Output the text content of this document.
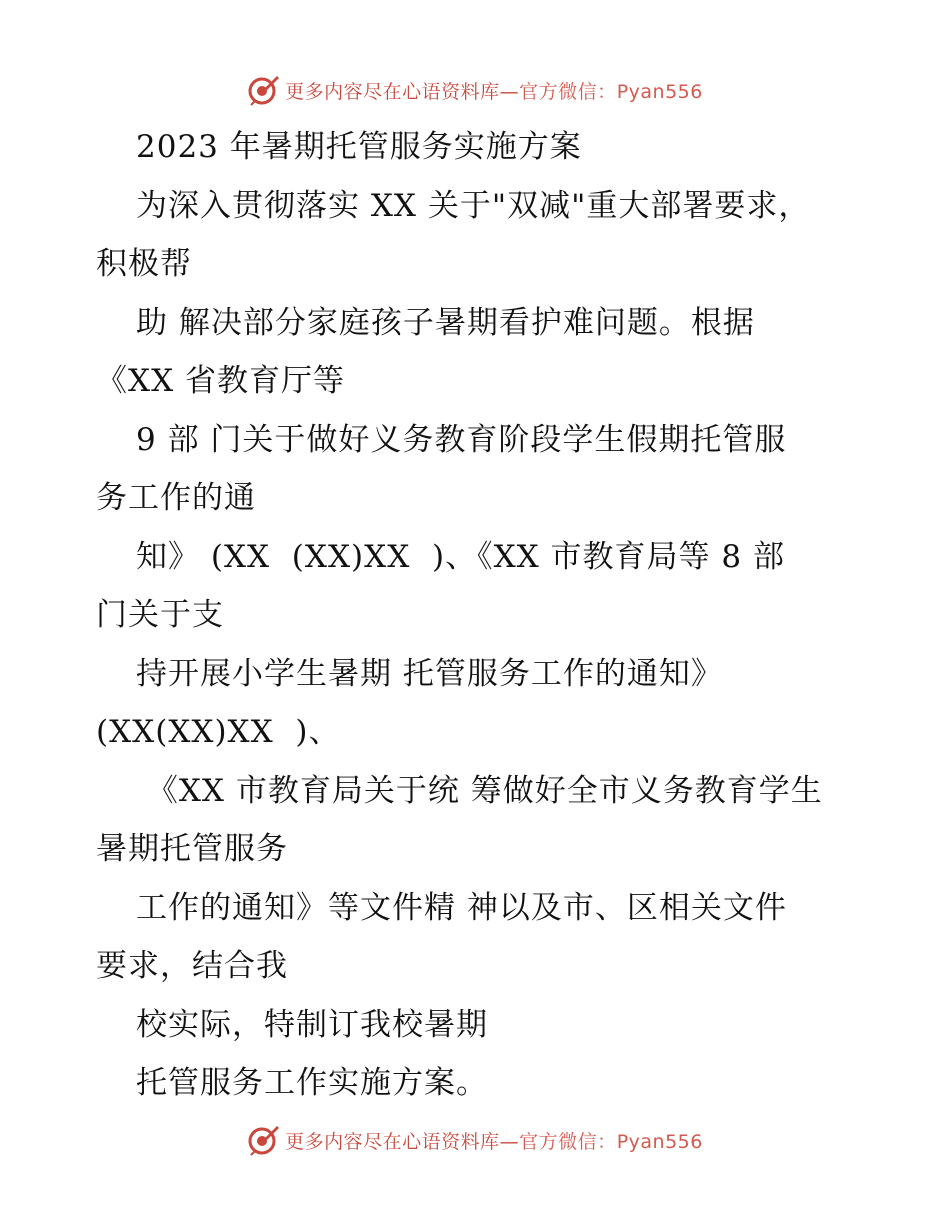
更多内容尽在心语资料库—官方微信：Pyan556
2023 年暑期托管服务实施方案
为深入贯彻落实 XX 关于"双减"重大部署要求，
积极帮
助 解决部分家庭孩子暑期看护难问题。根据
《XX 省教育厅等
9 部 门关于做好义务教育阶段学生假期托管服
务工作的通
知》 (XX  (XX)XX  )、《XX 市教育局等 8 部
门关于支
持开展小学生暑期 托管服务工作的通知》
(XX(XX)XX  )、
《XX 市教育局关于统 筹做好全市义务教育学生
暑期托管服务
工作的通知》等文件精 神以及市、区相关文件
要求，结合我
校实际，特制订我校暑期
托管服务工作实施方案。
更多内容尽在心语资料库—官方微信：Pyan556
